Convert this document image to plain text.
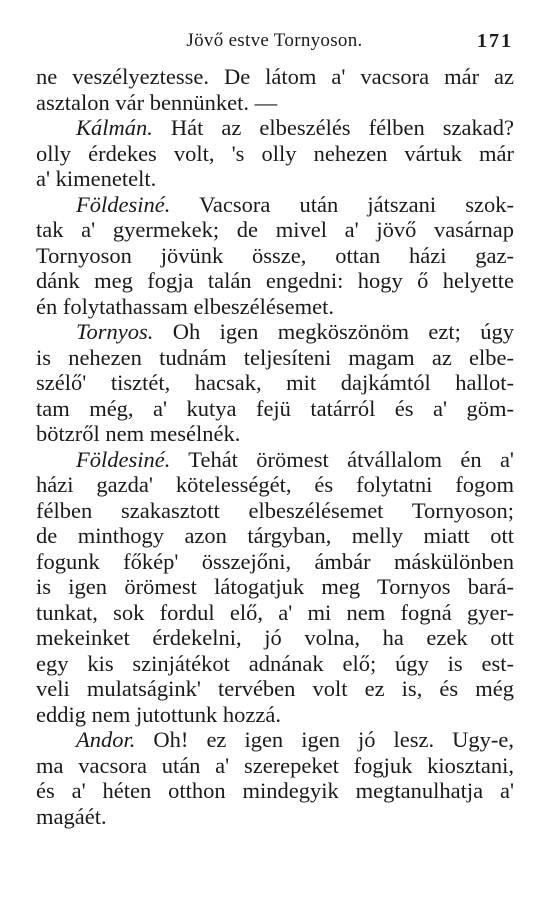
Jövő estve Tornyoson.	171
ne veszélyeztesse. De látom a' vacsora már az
asztalon vár bennünket. —
Kálmán. Hát az elbeszélés félben szakad?
olly érdekes volt, 's olly nehezen vártuk már
a' kimenetelt.
Földesiné. Vacsora után játszani szok-
tak a' gyermekek; de mivel a' jövő vasárnap
Tornyoson jövünk össze, ottan házi gaz-
dánk meg fogja talán engedni: hogy ő helyette
én folytathassam elbeszélésemet.
Tornyos. Oh igen megköszönöm ezt; úgy
is nehezen tudnám teljesíteni magam az elbe-
szélő' tisztét, hacsak, mit dajkámtól hallot-
tam még, a' kutya fejü tatárról és a' göm-
bötzről nem mesélnék.
Földesiné. Tehát örömest átvállalom én a'
házi gazda' kötelességét, és folytatni fogom
félben szakasztott elbeszélésemet Tornyoson;
de minthogy azon tárgyban, melly miatt ott
fogunk főkép' összejőni, ámbár máskülönben
is igen örömest látogatjuk meg Tornyos bará-
tunkat, sok fordul elő, a' mi nem fogná gyer-
mekeinket érdekelni, jó volna, ha ezek ott
egy kis szinjátékot adnának elő; úgy is est-
veli mulatságink' tervében volt ez is, és még
eddig nem jutottunk hozzá.
Andor. Oh! ez igen igen jó lesz. Ugy-e,
ma vacsora után a' szerepeket fogjuk kiosztani,
és a' héten otthon mindegyik megtanulhatja a'
magáét.
